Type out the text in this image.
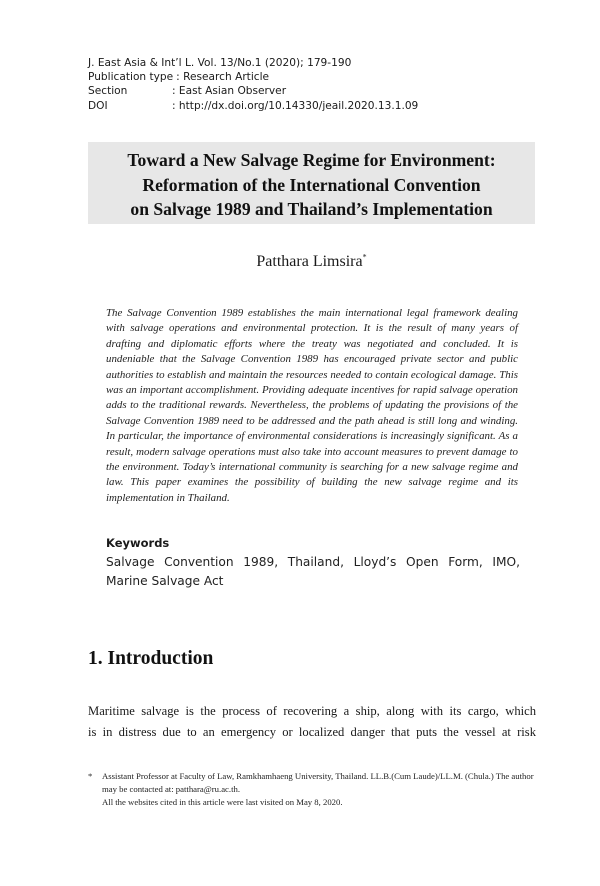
J. East Asia & Int’l L. Vol. 13/No.1 (2020); 179-190
Publication type : Research Article
Section	: East Asian Observer
DOI	: http://dx.doi.org/10.14330/jeail.2020.13.1.09
Toward a New Salvage Regime for Environment:
Reformation of the International Convention
on Salvage 1989 and Thailand’s Implementation
Patthara Limsira*
The Salvage Convention 1989 establishes the main international legal framework dealing with salvage operations and environmental protection. It is the result of many years of drafting and diplomatic efforts where the treaty was negotiated and concluded. It is undeniable that the Salvage Convention 1989 has encouraged private sector and public authorities to establish and maintain the resources needed to contain ecological damage. This was an important accomplishment. Providing adequate incentives for rapid salvage operation adds to the traditional rewards. Nevertheless, the problems of updating the provisions of the Salvage Convention 1989 need to be addressed and the path ahead is still long and winding. In particular, the importance of environmental considerations is increasingly significant. As a result, modern salvage operations must also take into account measures to prevent damage to the environment. Today’s international community is searching for a new salvage regime and law. This paper examines the possibility of building the new salvage regime and its implementation in Thailand.
Keywords
Salvage Convention 1989, Thailand, Lloyd’s Open Form, IMO, Marine Salvage Act
1. Introduction
Maritime salvage is the process of recovering a ship, along with its cargo, which
is in distress due to an emergency or localized danger that puts the vessel at risk
*	Assistant Professor at Faculty of Law, Ramkhamhaeng University, Thailand. LL.B.(Cum Laude)/LL.M. (Chula.) The author may be contacted at: patthara@ru.ac.th.
All the websites cited in this article were last visited on May 8, 2020.
